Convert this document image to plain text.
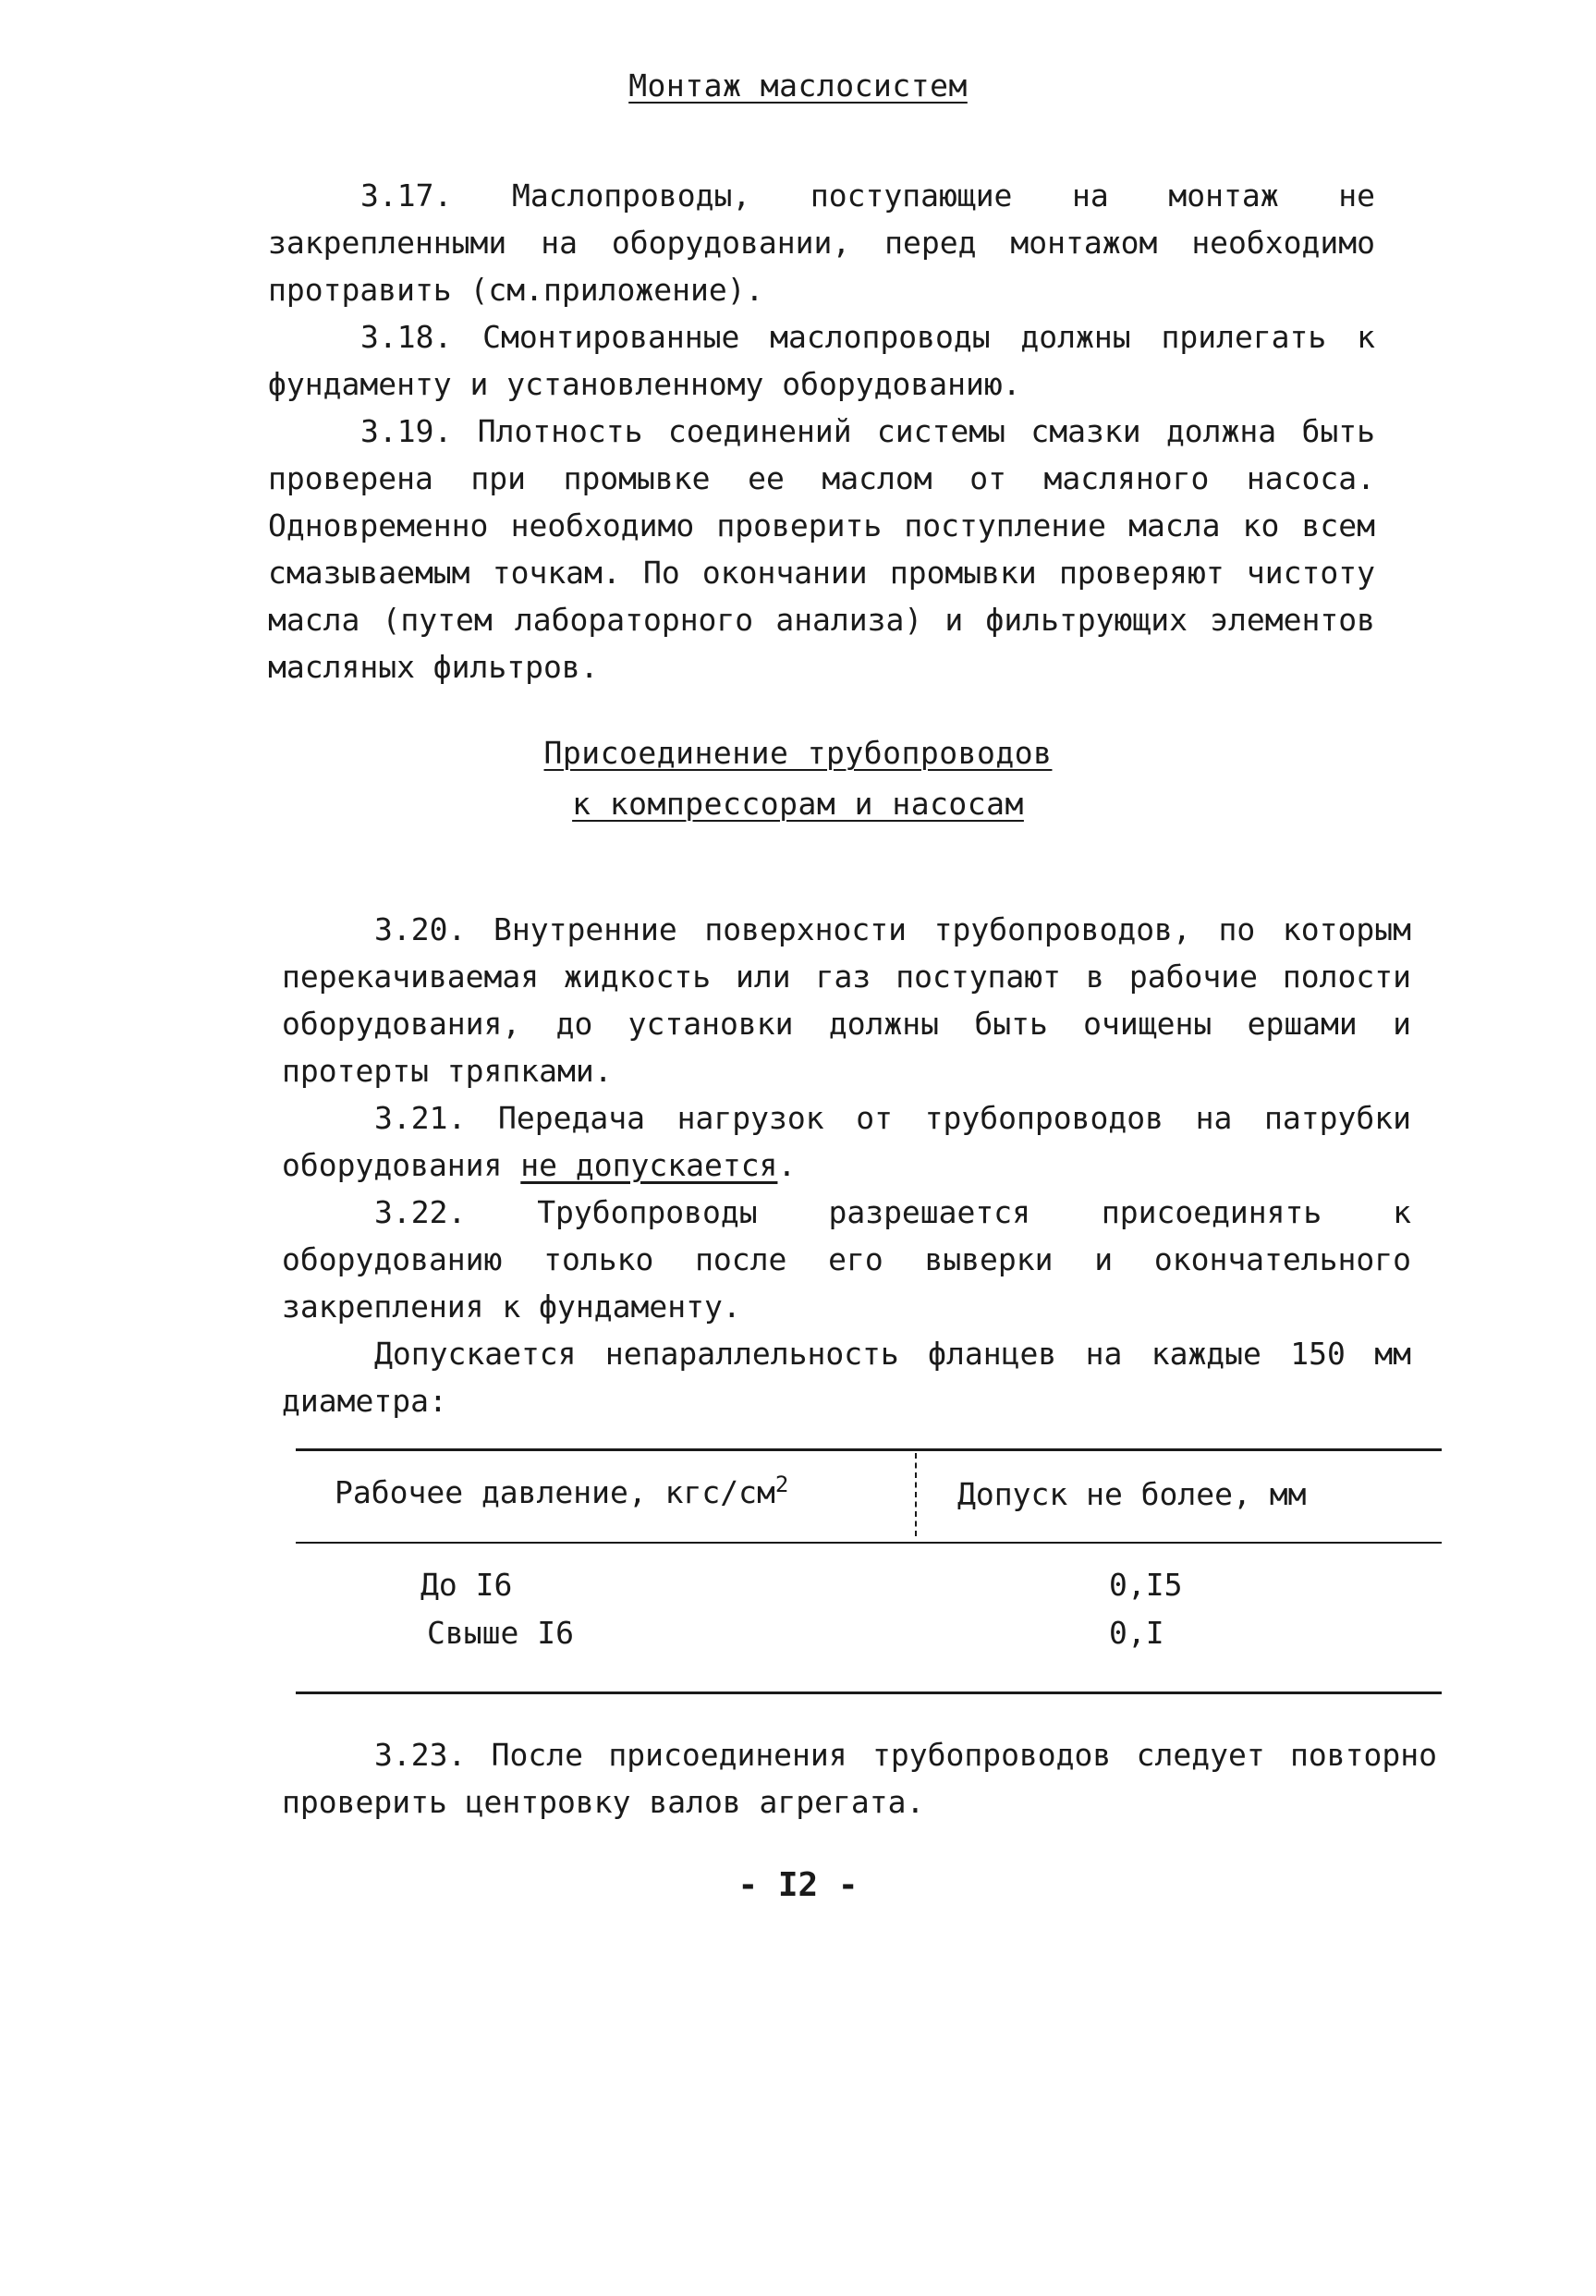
Монтаж маслосистем

3.17. Маслопроводы, поступающие на монтаж не закрепленными на оборудовании, перед монтажом необходимо протравить (см.приложение).

3.18. Смонтированные маслопроводы должны прилегать к фундаменту и установленному оборудованию.

3.19. Плотность соединений системы смазки должна быть проверена при промывке ее маслом от масляного насоса. Одновременно необходимо проверить поступление масла ко всем смазываемым точкам. По окончании промывки проверяют чистоту масла (путем лабораторного анализа) и фильтрующих элементов масляных фильтров.

Присоединение трубопроводов
к компрессорам и насосам

3.20. Внутренние поверхности трубопроводов, по которым перекачиваемая жидкость или газ поступают в рабочие полости оборудования, до установки должны быть очищены ершами и протерты тряпками.

3.21. Передача нагрузок от трубопроводов на патрубки оборудования не допускается.

3.22. Трубопроводы разрешается присоединять к оборудованию только после его выверки и окончательного закрепления к фундаменту.

Допускается непараллельность фланцев на каждые 150 мм диаметра:

Рабочее давление, кгс/$см^2$	Допуск не более, мм
До I6	0,I5
Свыше I6	0,I

3.23. После присоединения трубопроводов следует повторно проверить центровку валов агрегата.

- I2 -
